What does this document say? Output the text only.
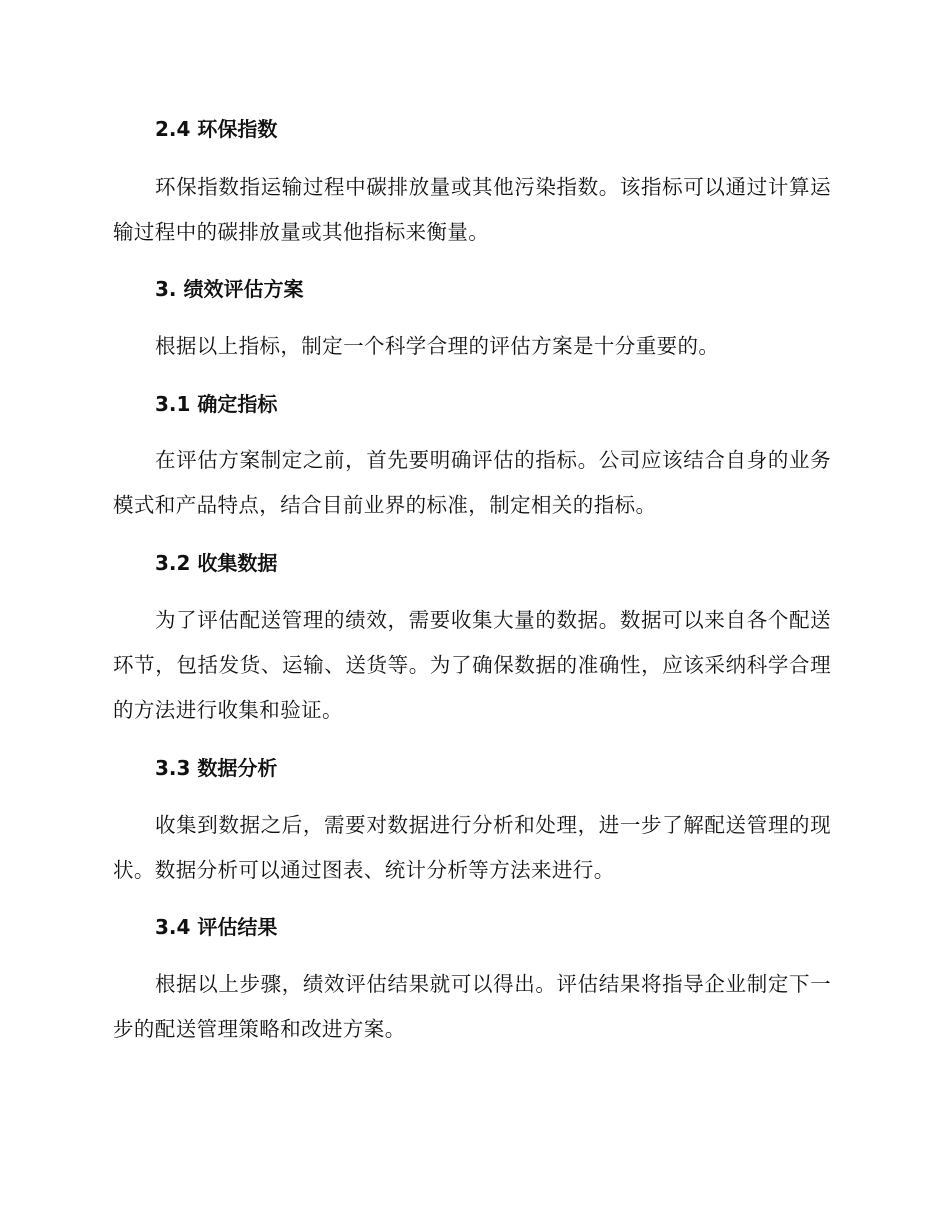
2.4 环保指数

环保指数指运输过程中碳排放量或其他污染指数。该指标可以通过计算运输过程中的碳排放量或其他指标来衡量。

3. 绩效评估方案

根据以上指标，制定一个科学合理的评估方案是十分重要的。

3.1 确定指标

在评估方案制定之前，首先要明确评估的指标。公司应该结合自身的业务模式和产品特点，结合目前业界的标准，制定相关的指标。

3.2 收集数据

为了评估配送管理的绩效，需要收集大量的数据。数据可以来自各个配送环节，包括发货、运输、送货等。为了确保数据的准确性，应该采纳科学合理的方法进行收集和验证。

3.3 数据分析

收集到数据之后，需要对数据进行分析和处理，进一步了解配送管理的现状。数据分析可以通过图表、统计分析等方法来进行。

3.4 评估结果

根据以上步骤，绩效评估结果就可以得出。评估结果将指导企业制定下一步的配送管理策略和改进方案。
